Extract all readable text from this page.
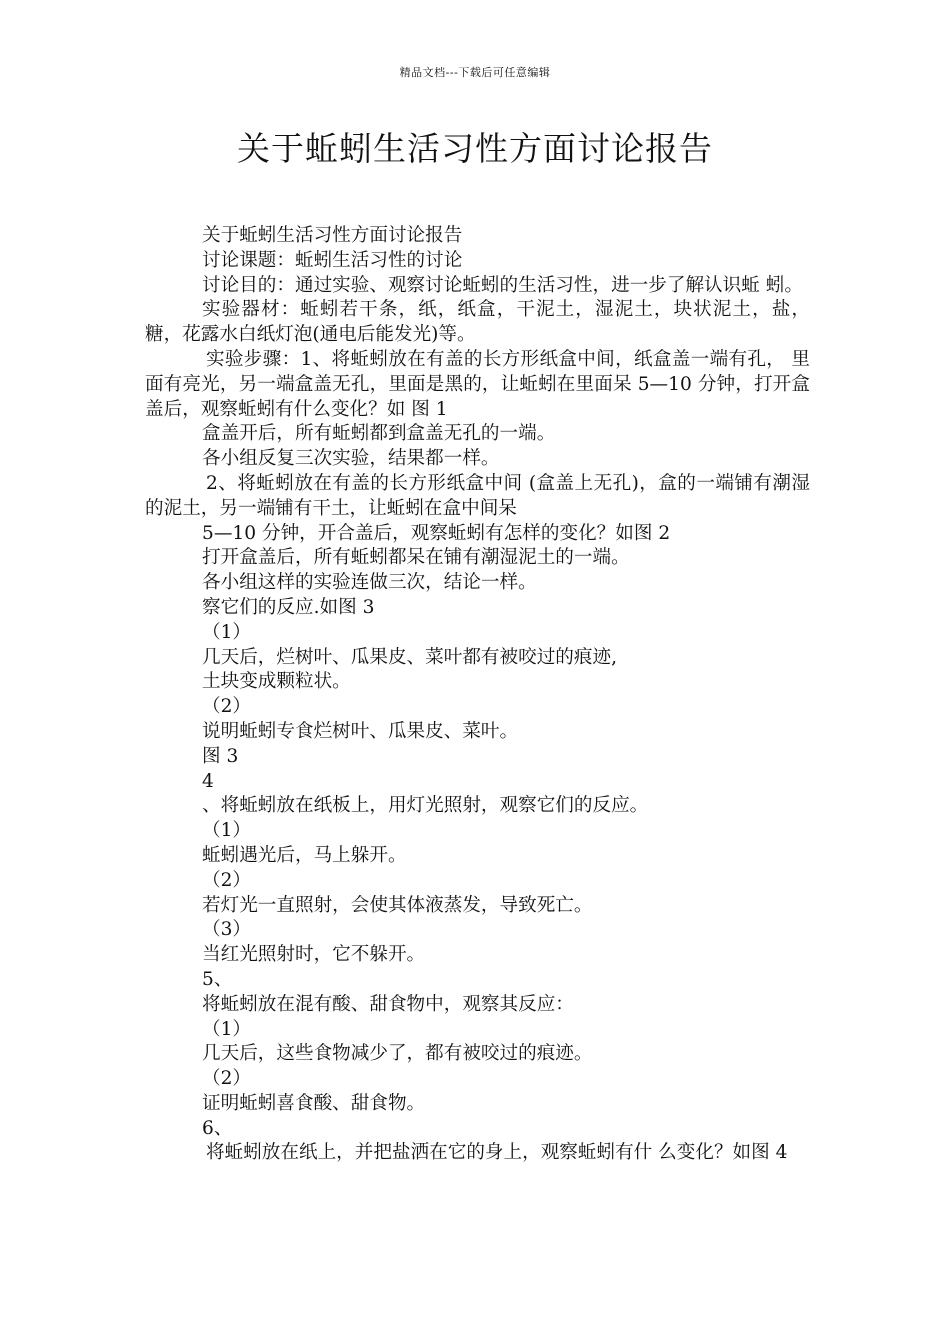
精品文档---下载后可任意编辑
关于蚯蚓生活习性方面讨论报告

关于蚯蚓生活习性方面讨论报告

讨论课题：蚯蚓生活习性的讨论

讨论目的：通过实验、观察讨论蚯蚓的生活习性，进一步了解认识蚯 蚓。

实验器材：蚯蚓若干条，纸，纸盒，干泥土，湿泥土，块状泥土，盐， 糖，花露水白纸灯泡(通电后能发光)等。

实验步骤：1、将蚯蚓放在有盖的长方形纸盒中间，纸盒盖一端有孔， 里面有亮光，另一端盒盖无孔，里面是黑的，让蚯蚓在里面呆 5—10 分钟，打开盒盖后，观察蚯蚓有什么变化？如 图 1

盒盖开后，所有蚯蚓都到盒盖无孔的一端。

各小组反复三次实验，结果都一样。

2、将蚯蚓放在有盖的长方形纸盒中间 (盒盖上无孔)，盒的一端铺有潮湿的泥土，另一端铺有干土，让蚯蚓在盒中间呆

5—10 分钟，开合盖后，观察蚯蚓有怎样的变化？如图 2

打开盒盖后，所有蚯蚓都呆在铺有潮湿泥土的一端。

各小组这样的实验连做三次，结论一样。

察它们的反应.如图 3

（1）

几天后，烂树叶、瓜果皮、菜叶都有被咬过的痕迹,

土块变成颗粒状。

（2）

说明蚯蚓专食烂树叶、瓜果皮、菜叶。

图 3

4

、将蚯蚓放在纸板上，用灯光照射，观察它们的反应。

（1）

蚯蚓遇光后，马上躲开。

（2）

若灯光一直照射，会使其体液蒸发，导致死亡。

（3）

当红光照射时，它不躲开。

5、

将蚯蚓放在混有酸、甜食物中，观察其反应：

（1）

几天后，这些食物减少了，都有被咬过的痕迹。

（2）

证明蚯蚓喜食酸、甜食物。

6、

将蚯蚓放在纸上，并把盐洒在它的身上，观察蚯蚓有什 么变化？如图 4
